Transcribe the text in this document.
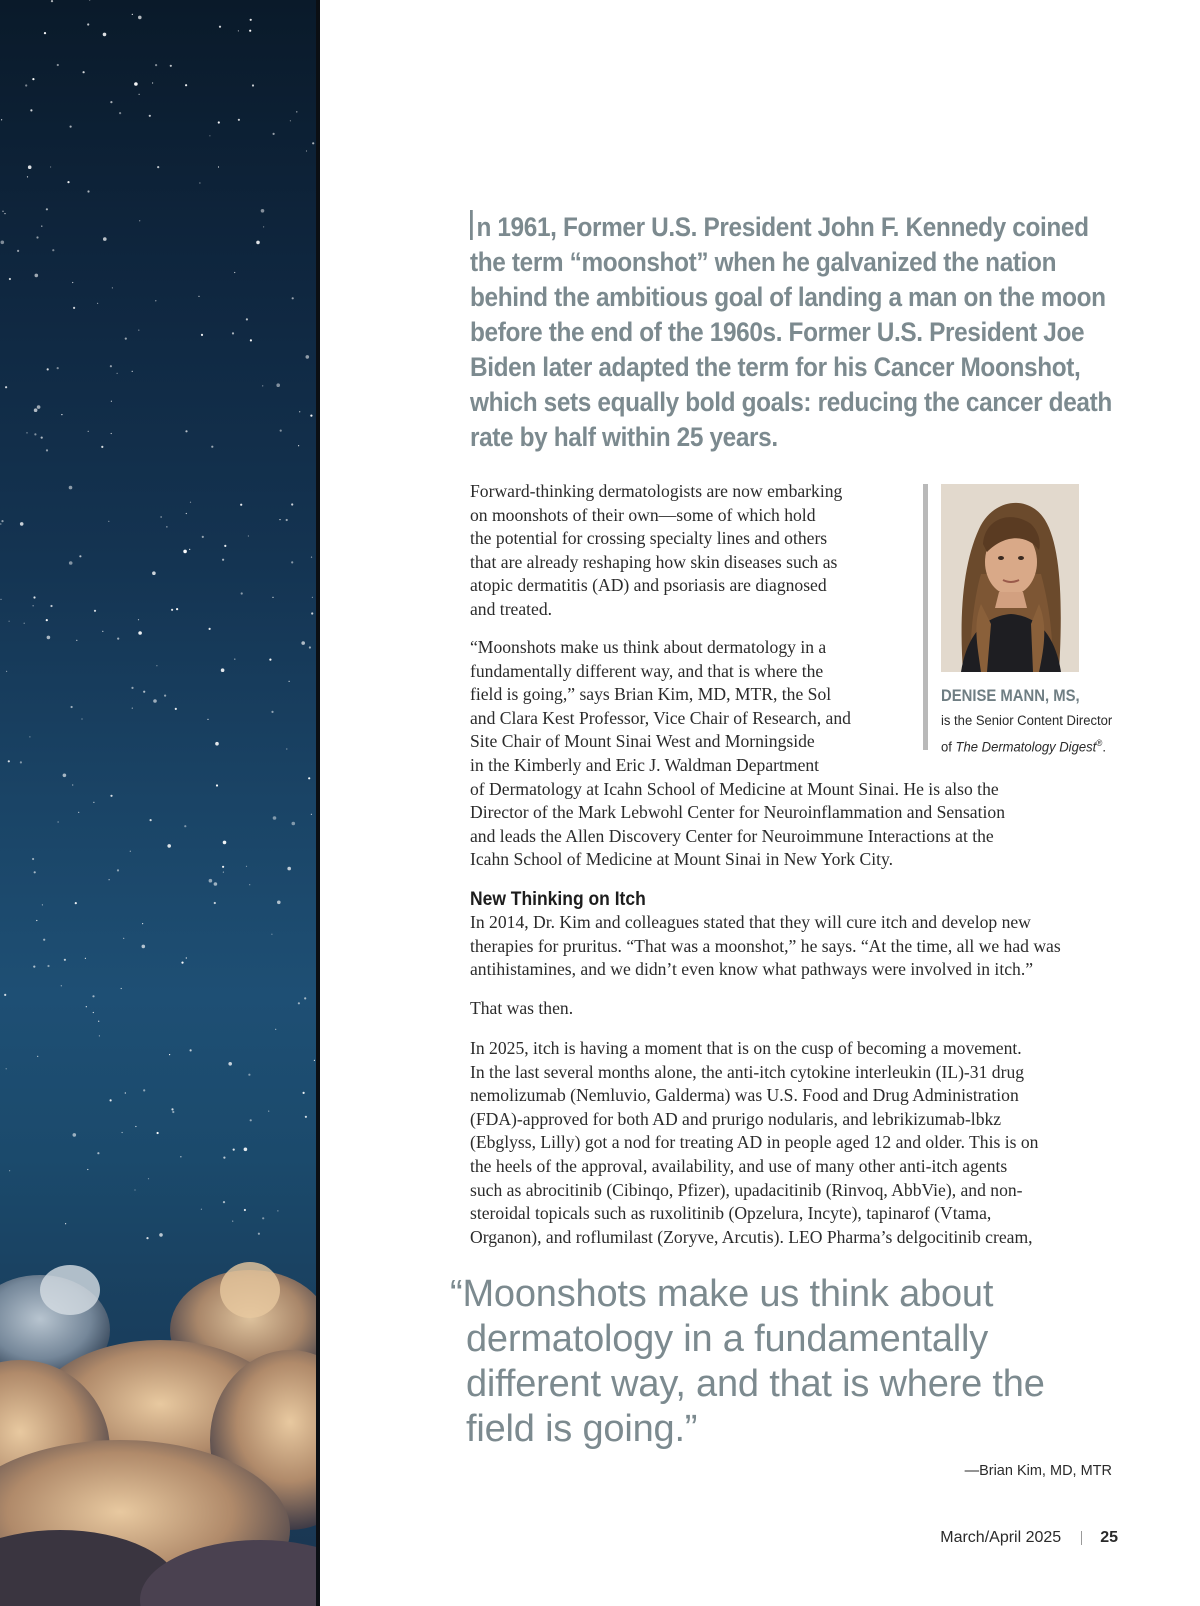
n 1961, Former U.S. President John F. Kennedy coined
the term “moonshot” when he galvanized the nation
behind the ambitious goal of landing a man on the moon
before the end of the 1960s. Former U.S. President Joe
Biden later adapted the term for his Cancer Moonshot,
which sets equally bold goals: reducing the cancer death
rate by half within 25 years.
Forward-thinking dermatologists are now embarking
on moonshots of their own—some of which hold
the potential for crossing specialty lines and others
that are already reshaping how skin diseases such as
atopic dermatitis (AD) and psoriasis are diagnosed
and treated.
“Moonshots make us think about dermatology in a
fundamentally different way, and that is where the
field is going,” says Brian Kim, MD, MTR, the Sol
and Clara Kest Professor, Vice Chair of Research, and
Site Chair of Mount Sinai West and Morningside
in the Kimberly and Eric J. Waldman Department
of Dermatology at Icahn School of Medicine at Mount Sinai. He is also the
Director of the Mark Lebwohl Center for Neuroinflammation and Sensation
and leads the Allen Discovery Center for Neuroimmune Interactions at the
Icahn School of Medicine at Mount Sinai in New York City.
DENISE MANN, MS,
is the Senior Content Director
of The Dermatology Digest®.
New Thinking on Itch
In 2014, Dr. Kim and colleagues stated that they will cure itch and develop new
therapies for pruritus. “That was a moonshot,” he says. “At the time, all we had was
antihistamines, and we didn’t even know what pathways were involved in itch.”
That was then.
In 2025, itch is having a moment that is on the cusp of becoming a movement.
In the last several months alone, the anti-itch cytokine interleukin (IL)-31 drug
nemolizumab (Nemluvio, Galderma) was U.S. Food and Drug Administration
(FDA)-approved for both AD and prurigo nodularis, and lebrikizumab-lbkz
(Ebglyss, Lilly) got a nod for treating AD in people aged 12 and older. This is on
the heels of the approval, availability, and use of many other anti-itch agents
such as abrocitinib (Cibinqo, Pfizer), upadacitinib (Rinvoq, AbbVie), and non-
steroidal topicals such as ruxolitinib (Opzelura, Incyte), tapinarof (Vtama,
Organon), and roflumilast (Zoryve, Arcutis). LEO Pharma’s delgocitinib cream,
“Moonshots make us think about
dermatology in a fundamentally
different way, and that is where the
field is going.”
—Brian Kim, MD, MTR
March/April 2025 25
